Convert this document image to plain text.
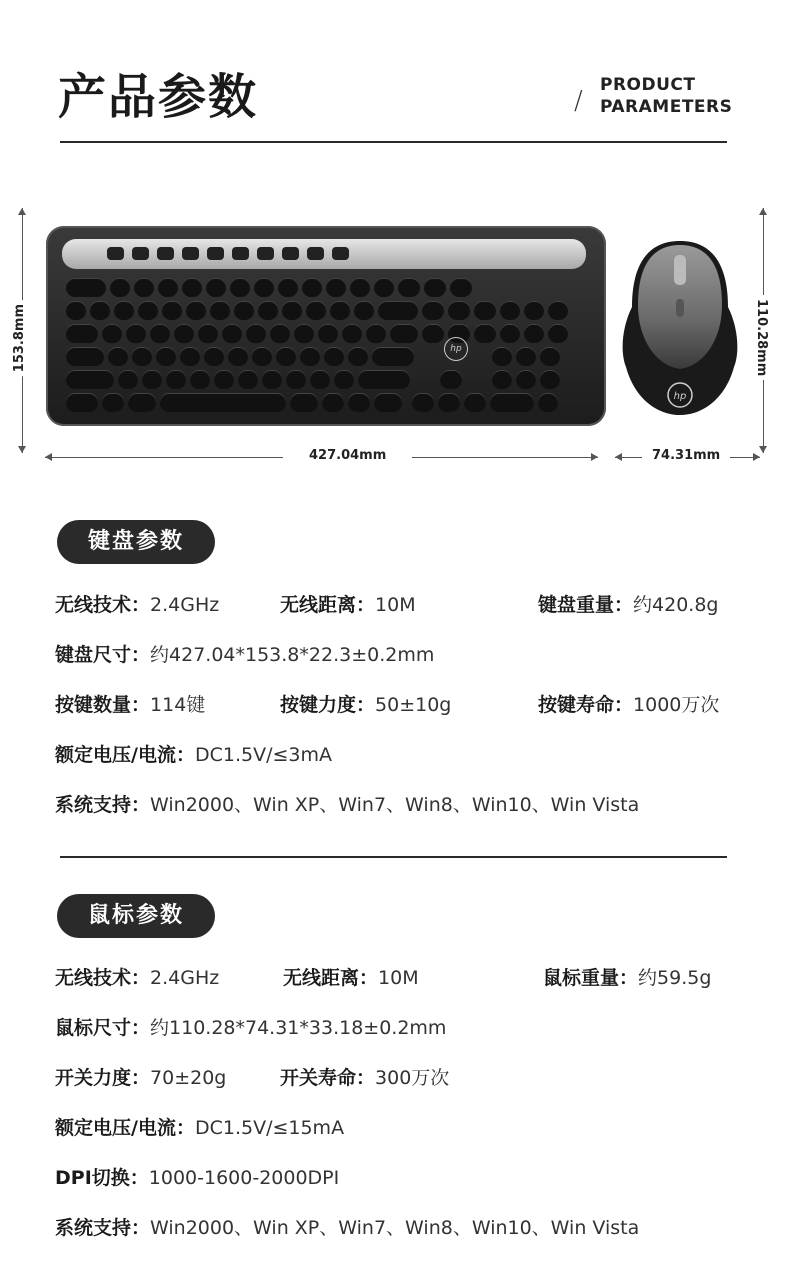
产品参数	/
PRODUCT
PARAMETERS
153.8mm	110.28mm
hp
hp
427.04mm	74.31mm
键盘参数
无线技术：2.4GHz	无线距离：10M	键盘重量：约420.8g
键盘尺寸：约427.04*153.8*22.3±0.2mm
按键数量：114键	按键力度：50±10g	按键寿命：1000万次
额定电压/电流：DC1.5V/≤3mA
系统支持：Win2000、Win XP、Win7、Win8、Win10、Win Vista
鼠标参数
无线技术：2.4GHz	无线距离：10M	鼠标重量：约59.5g
鼠标尺寸：约110.28*74.31*33.18±0.2mm
开关力度：70±20g	开关寿命：300万次
额定电压/电流：DC1.5V/≤15mA
DPI切换：1000-1600-2000DPI
系统支持：Win2000、Win XP、Win7、Win8、Win10、Win Vista
